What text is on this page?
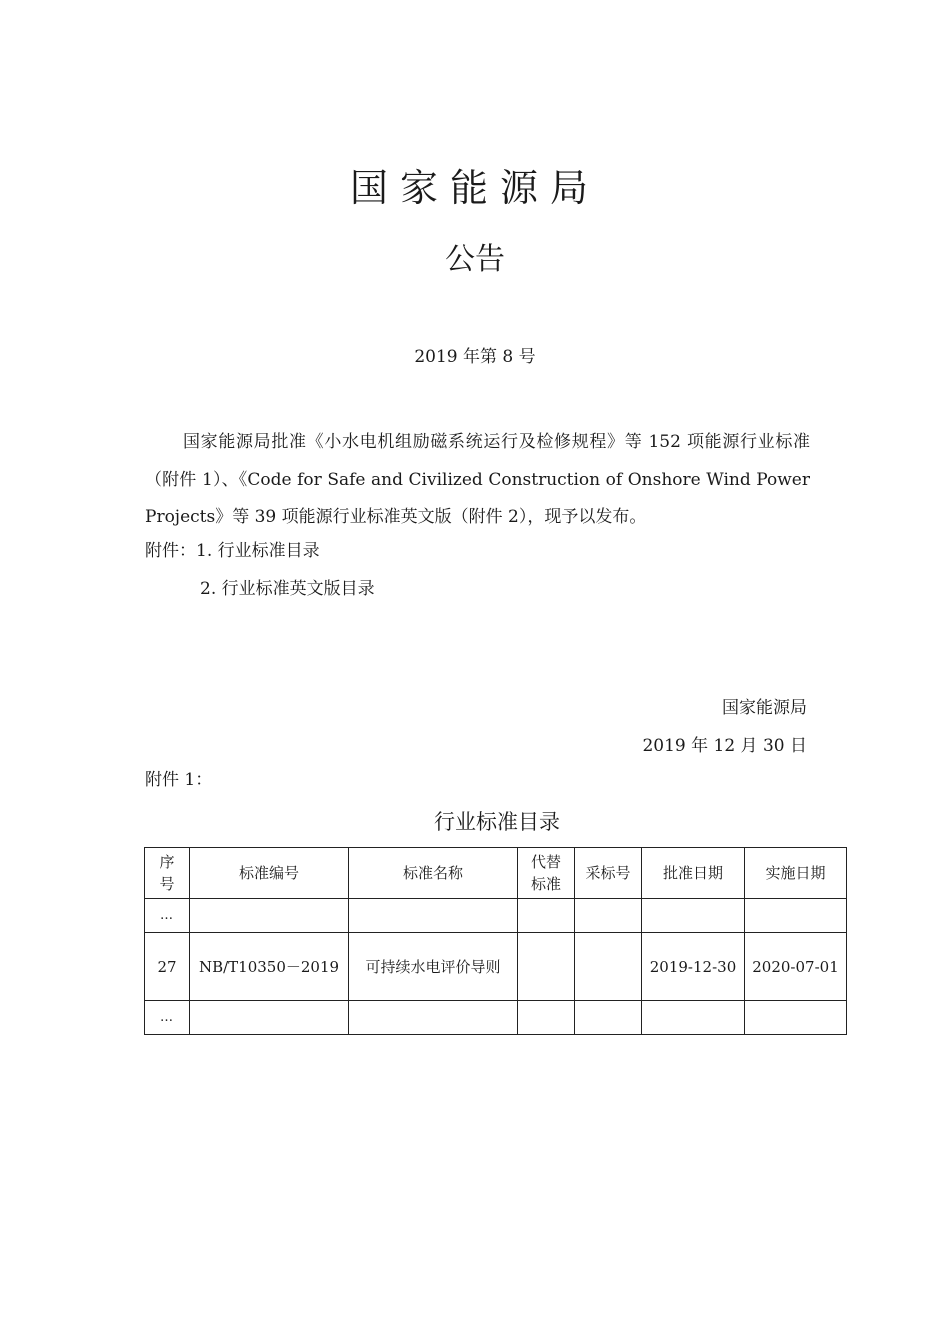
国家能源局
公告
2019 年第 8 号
国家能源局批准《小水电机组励磁系统运行及检修规程》等 152 项能源行业标准（附件 1）、《Code for Safe and Civilized Construction of Onshore Wind Power Projects》等 39 项能源行业标准英文版（附件 2），现予以发布。
附件：1. 行业标准目录
2. 行业标准英文版目录
国家能源局
2019 年 12 月 30 日
附件 1：
行业标准目录
序号	标准编号	标准名称	代替标准	采标号	批准日期	实施日期
…						
27	NB/T10350－2019	可持续水电评价导则			2019-12-30	2020-07-01
…						
